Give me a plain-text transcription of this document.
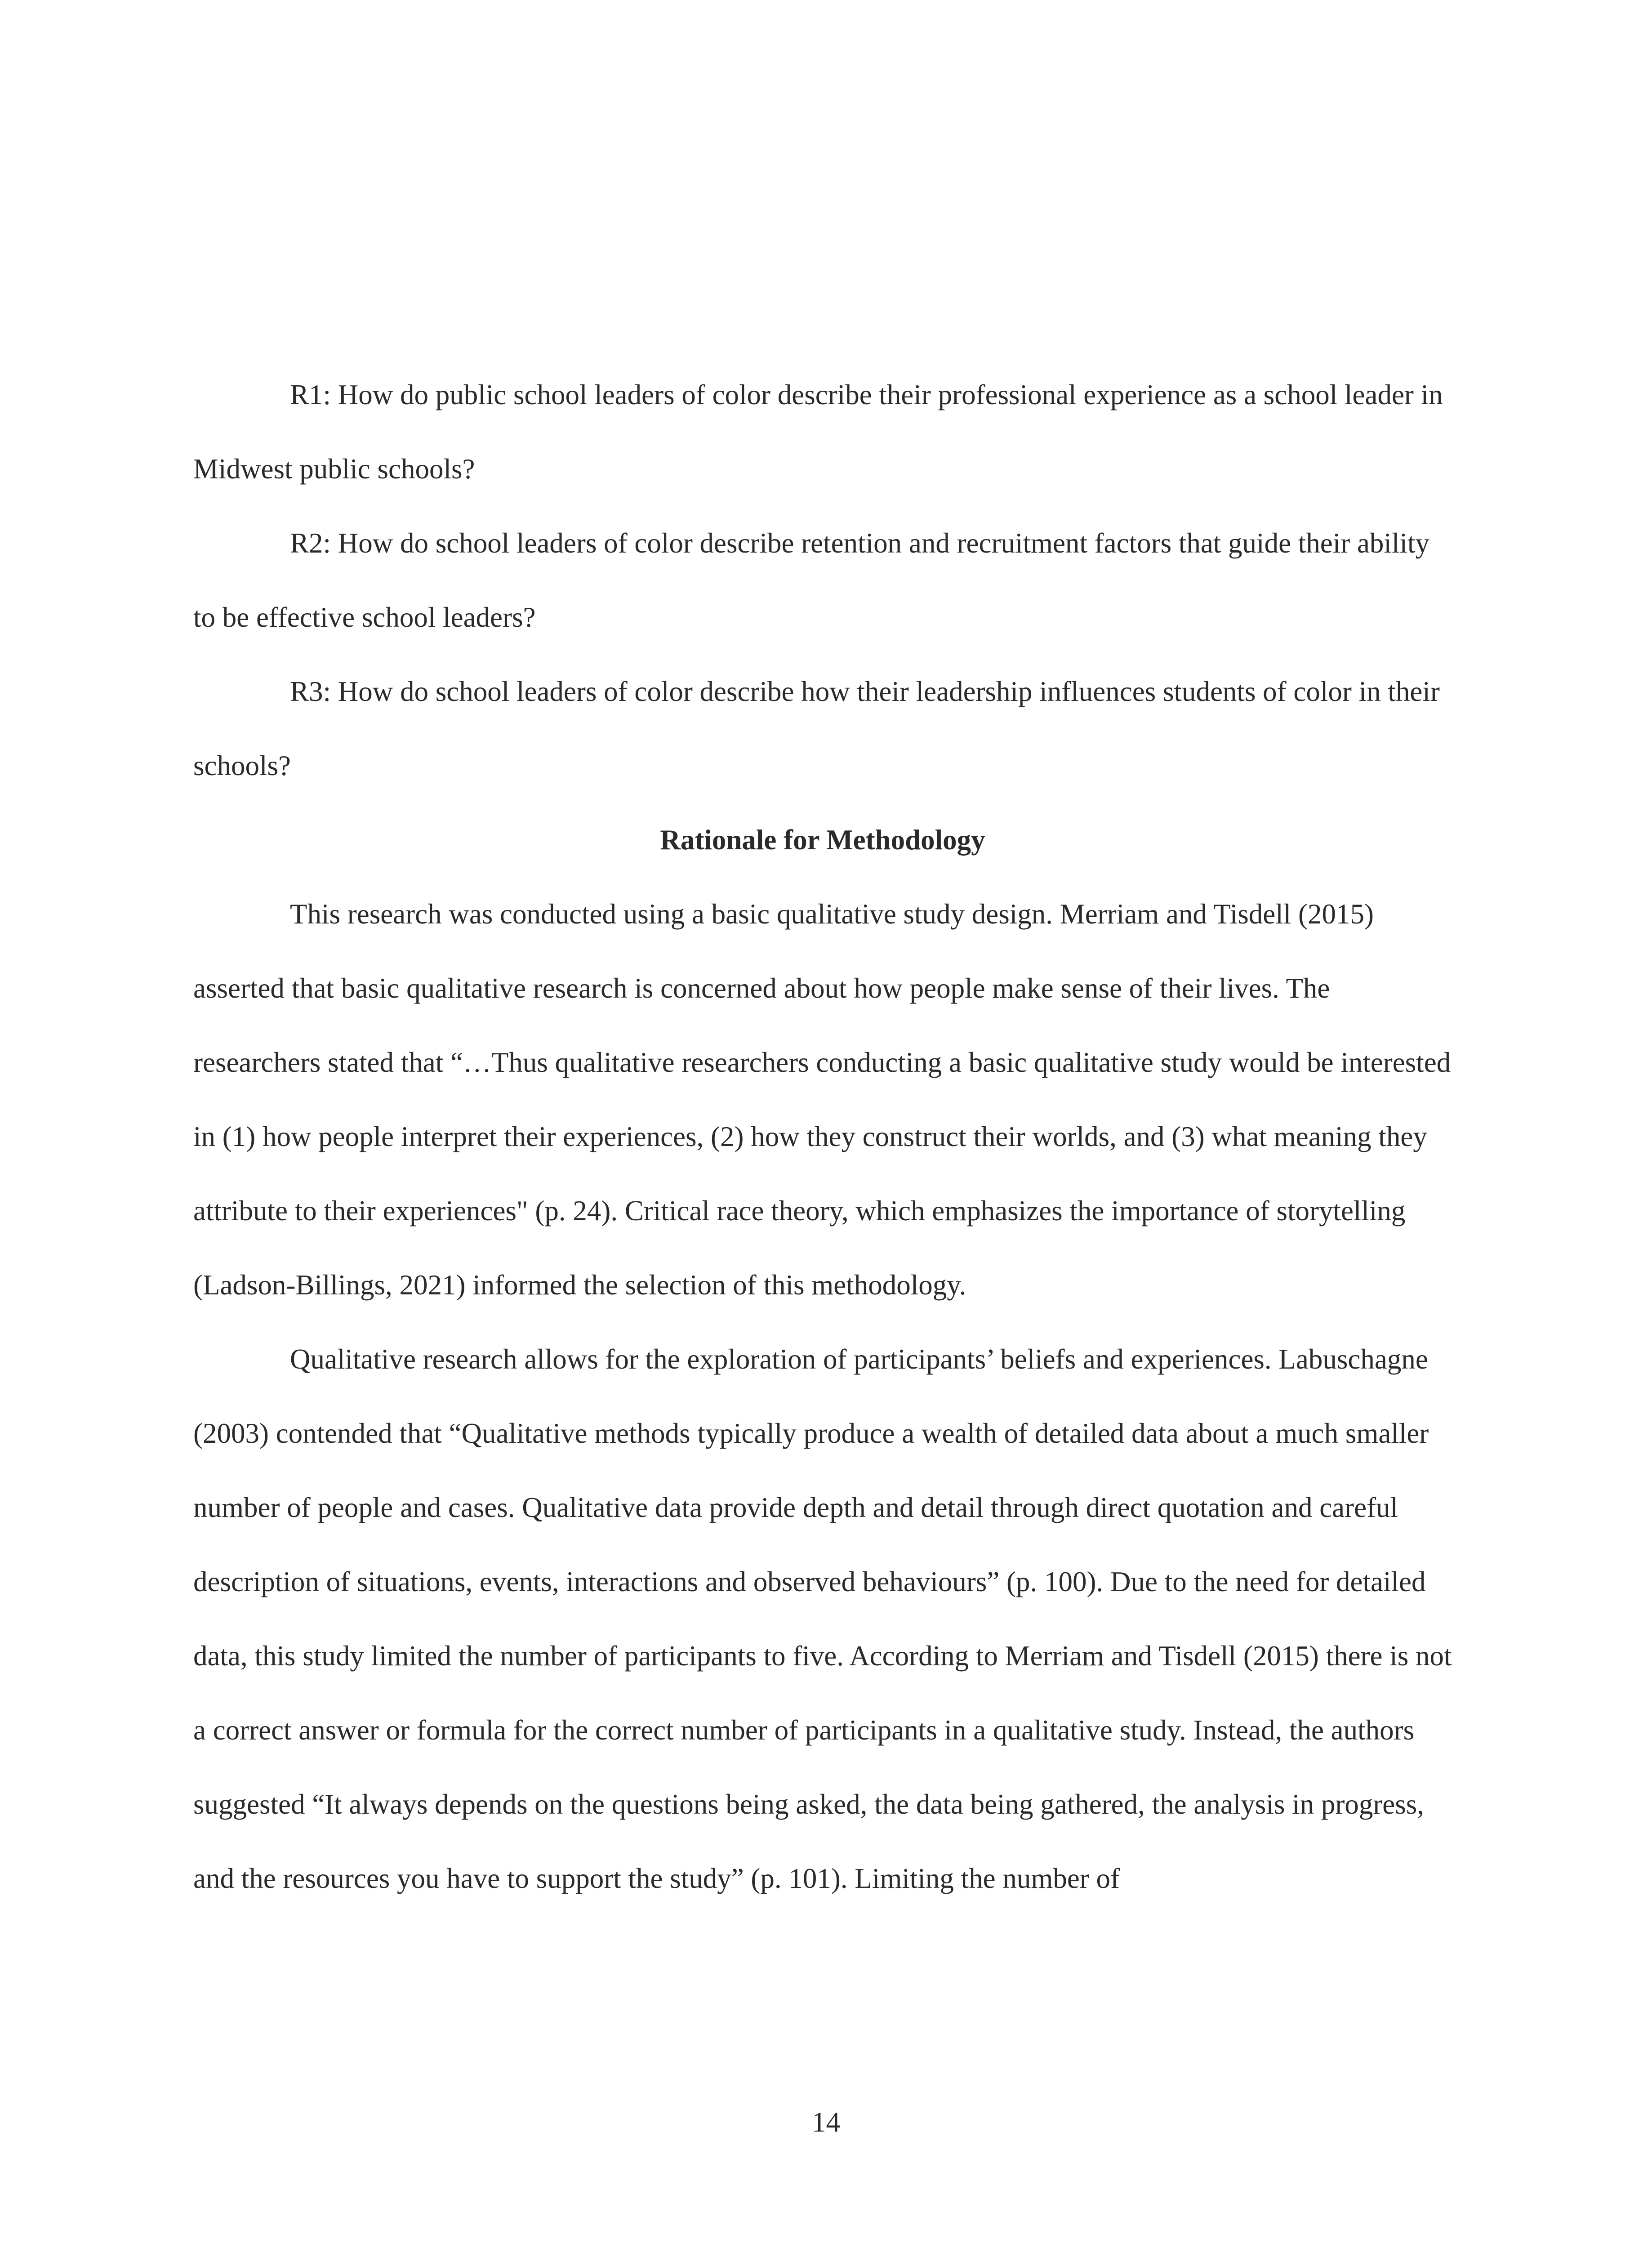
R1: How do public school leaders of color describe their professional experience as a school leader in Midwest public schools?

R2: How do school leaders of color describe retention and recruitment factors that guide their ability to be effective school leaders?

R3: How do school leaders of color describe how their leadership influences students of color in their schools?

Rationale for Methodology

This research was conducted using a basic qualitative study design. Merriam and Tisdell (2015) asserted that basic qualitative research is concerned about how people make sense of their lives. The researchers stated that “…Thus qualitative researchers conducting a basic qualitative study would be interested in (1) how people interpret their experiences, (2) how they construct their worlds, and (3) what meaning they attribute to their experiences" (p. 24). Critical race theory, which emphasizes the importance of storytelling (Ladson-Billings, 2021) informed the selection of this methodology.

Qualitative research allows for the exploration of participants’ beliefs and experiences. Labuschagne (2003) contended that “Qualitative methods typically produce a wealth of detailed data about a much smaller number of people and cases. Qualitative data provide depth and detail through direct quotation and careful description of situations, events, interactions and observed behaviours” (p. 100). Due to the need for detailed data, this study limited the number of participants to five. According to Merriam and Tisdell (2015) there is not a correct answer or formula for the correct number of participants in a qualitative study. Instead, the authors suggested “It always depends on the questions being asked, the data being gathered, the analysis in progress, and the resources you have to support the study” (p. 101). Limiting the number of

14
